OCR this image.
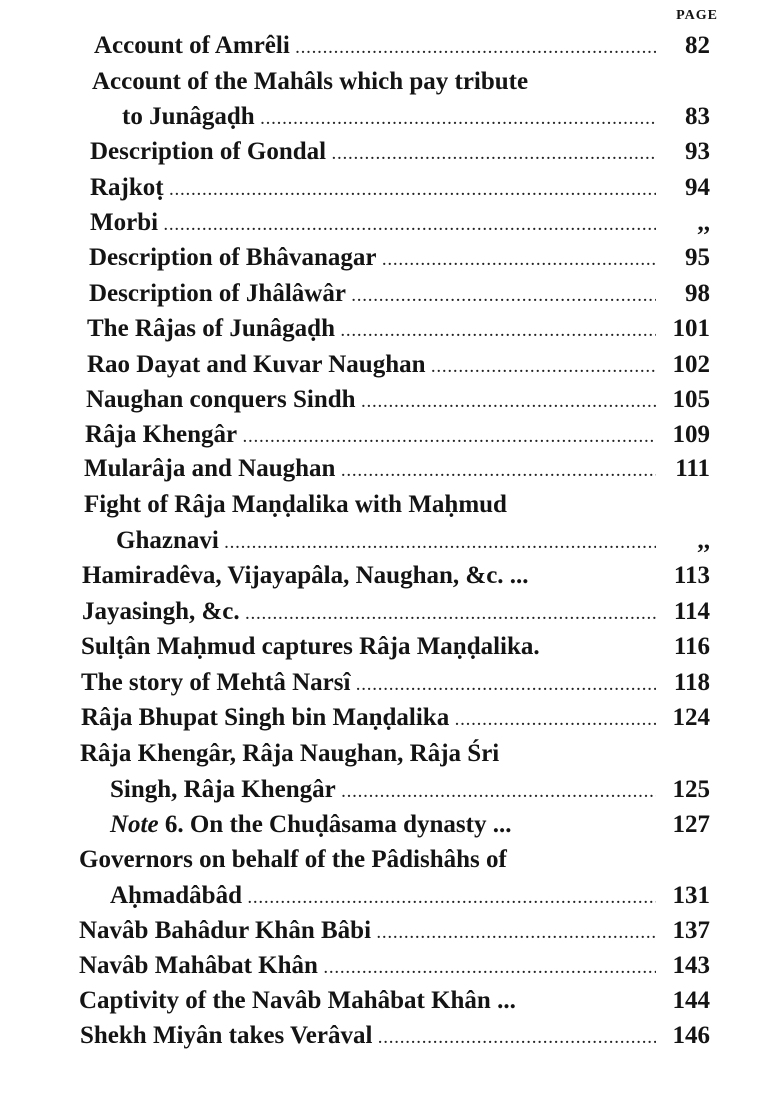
PAGE
Account of Amrêli .....	82
Account of the Mahâls which pay tribute
to Junâgaḍh .....	83
Description of Gondal .....	93
Rajkoṭ .....	94
Morbi .....	,,
Description of Bhâvanagar .....	95
Description of Jhâlâwâr .....	98
The Râjas of Junâgaḍh .....	101
Rao Dayat and Kuvar Naughan .....	102
Naughan conquers Sindh .....	105
Râja Khengâr .....	109
Mularâja and Naughan .....	111
Fight of Râja Maṇḍalika with Maḥmud
Ghaznavi .....	,,
Hamiradêva, Vijayapâla, Naughan, &c. ...	113
Jayasingh, &c. .....	114
Sulṭân Maḥmud captures Râja Maṇḍalika.	116
The story of Mehtâ Narsî .....	118
Râja Bhupat Singh bin Maṇḍalika .....	124
Râja Khengâr, Râja Naughan, Râja Śri
Singh, Râja Khengâr .....	125
Note 6. On the Chuḍâsama dynasty ...	127
Governors on behalf of the Pâdishâhs of
Aḥmadâbâd .....	131
Navâb Bahâdur Khân Bâbi .....	137
Navâb Mahâbat Khân .....	143
Captivity of the Navâb Mahâbat Khân ...	144
Shekh Miyân takes Verâval .....	146
